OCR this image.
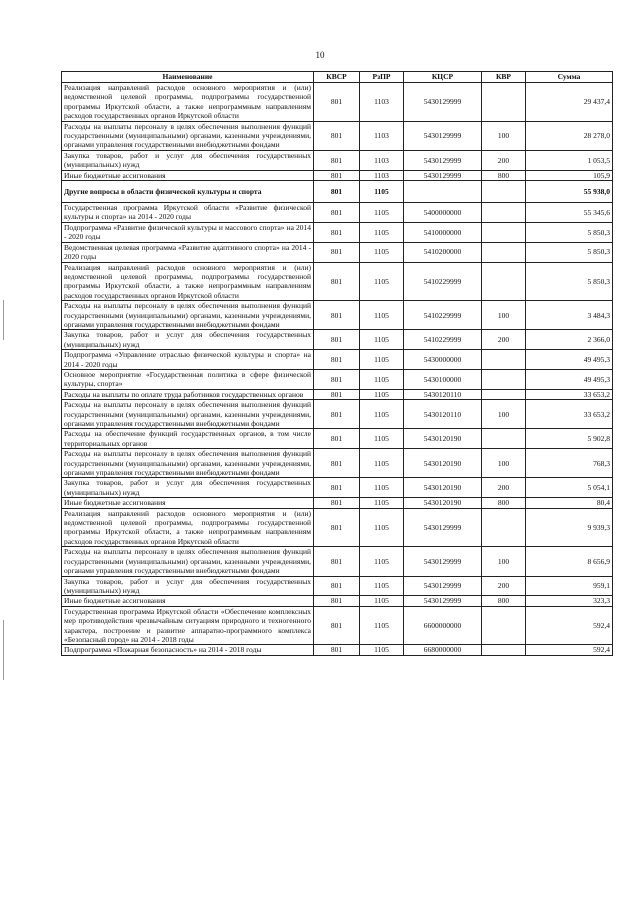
10
Наименование	КВСР	РзПР	КЦСР	КВР	Сумма
Реализация направлений расходов основного мероприятия и (или) ведомственной целевой программы, подпрограммы государственной программы Иркутской области, а также непрограммным направлениям расходов государственных органов Иркутской области	801	1103	5430129999		29 437,4
Расходы на выплаты персоналу в целях обеспечения выполнения функций государственными (муниципальными) органами, казенными учреждениями, органами управления государственными внебюджетными фондами	801	1103	5430129999	100	28 278,0
Закупка товаров, работ и услуг для обеспечения государственных (муниципальных) нужд	801	1103	5430129999	200	1 053,5
Иные бюджетные ассигнования	801	1103	5430129999	800	105,9
Другие вопросы в области физической культуры и спорта	801	1105			55 938,0
Государственная программа Иркутской области «Развитие физической культуры и спорта» на 2014 - 2020 годы	801	1105	5400000000		55 345,6
Подпрограмма «Развитие физической культуры и массового спорта» на 2014 - 2020 годы	801	1105	5410000000		5 850,3
Ведомственная целевая программа «Развитие адаптивного спорта» на 2014 - 2020 годы	801	1105	5410200000		5 850,3
Реализация направлений расходов основного мероприятия и (или) ведомственной целевой программы, подпрограммы государственной программы Иркутской области, а также непрограммным направлениям расходов государственных органов Иркутской области	801	1105	5410229999		5 850,3
Расходы на выплаты персоналу в целях обеспечения выполнения функций государственными (муниципальными) органами, казенными учреждениями, органами управления государственными внебюджетными фондами	801	1105	5410229999	100	3 484,3
Закупка товаров, работ и услуг для обеспечения государственных (муниципальных) нужд	801	1105	5410229999	200	2 366,0
Подпрограмма «Управление отраслью физической культуры и спорта» на 2014 - 2020 годы	801	1105	5430000000		49 495,3
Основное мероприятие «Государственная политика в сфере физической культуры, спорта»	801	1105	5430100000		49 495,3
Расходы на выплаты по оплате труда работников государственных органов	801	1105	5430120110		33 653,2
Расходы на выплаты персоналу в целях обеспечения выполнения функций государственными (муниципальными) органами, казенными учреждениями, органами управления государственными внебюджетными фондами	801	1105	5430120110	100	33 653,2
Расходы на обеспечение функций государственных органов, в том числе территориальных органов	801	1105	5430120190		5 902,8
Расходы на выплаты персоналу в целях обеспечения выполнения функций государственными (муниципальными) органами, казенными учреждениями, органами управления государственными внебюджетными фондами	801	1105	5430120190	100	768,3
Закупка товаров, работ и услуг для обеспечения государственных (муниципальных) нужд	801	1105	5430120190	200	5 054,1
Иные бюджетные ассигнования	801	1105	5430120190	800	80,4
Реализация направлений расходов основного мероприятия и (или) ведомственной целевой программы, подпрограммы государственной программы Иркутской области, а также непрограммным направлениям расходов государственных органов Иркутской области	801	1105	5430129999		9 939,3
Расходы на выплаты персоналу в целях обеспечения выполнения функций государственными (муниципальными) органами, казенными учреждениями, органами управления государственными внебюджетными фондами	801	1105	5430129999	100	8 656,9
Закупка товаров, работ и услуг для обеспечения государственных (муниципальных) нужд	801	1105	5430129999	200	959,1
Иные бюджетные ассигнования	801	1105	5430129999	800	323,3
Государственная программа Иркутской области «Обеспечение комплексных мер противодействия чрезвычайным ситуациям природного и техногенного характера, построение и развитие аппаратно-программного комплекса «Безопасный город» на 2014 - 2018 годы	801	1105	6600000000		592,4
Подпрограмма «Пожарная безопасность» на 2014 - 2018 годы	801	1105	6680000000		592,4
